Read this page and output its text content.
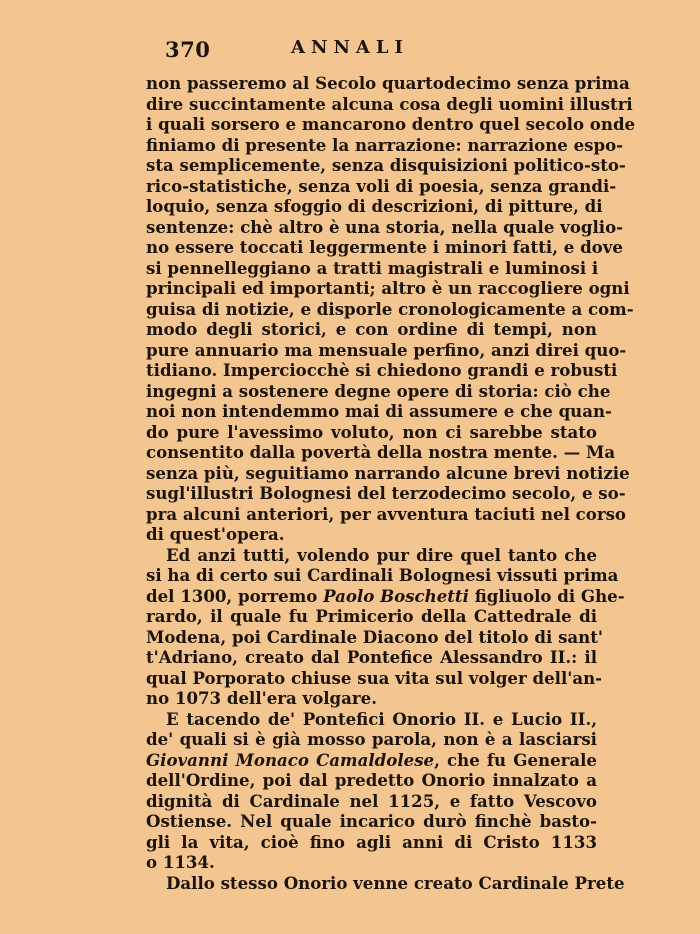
370	ANNALI
non passeremo al Secolo quartodecimo senza prima
dire succintamente alcuna cosa degli uomini illustri
i quali sorsero e mancarono dentro quel secolo onde
finiamo di presente la narrazione: narrazione espo-
sta semplicemente, senza disquisizioni politico-sto-
rico-statistiche, senza voli di poesia, senza grandi-
loquio, senza sfoggio di descrizioni, di pitture, di
sentenze: chè altro è una storia, nella quale voglio-
no essere toccati leggermente i minori fatti, e dove
si pennelleggiano a tratti magistrali e luminosi i
principali ed importanti; altro è un raccogliere ogni
guisa di notizie, e disporle cronologicamente a com-
modo degli storici, e con ordine di tempi, non
pure annuario ma mensuale perfino, anzi direi quo-
tidiano. Imperciocchè si chiedono grandi e robusti
ingegni a sostenere degne opere di storia: ciò che
noi non intendemmo mai di assumere e che quan-
do pure l'avessimo voluto, non ci sarebbe stato
consentito dalla povertà della nostra mente. — Ma
senza più, seguitiamo narrando alcune brevi notizie
sugl'illustri Bolognesi del terzodecimo secolo, e so-
pra alcuni anteriori, per avventura taciuti nel corso
di quest'opera.
Ed anzi tutti, volendo pur dire quel tanto che
si ha di certo sui Cardinali Bolognesi vissuti prima
del 1300, porremo Paolo Boschetti figliuolo di Ghe-
rardo, il quale fu Primicerio della Cattedrale di
Modena, poi Cardinale Diacono del titolo di sant'
t'Adriano, creato dal Pontefice Alessandro II.: il
qual Porporato chiuse sua vita sul volger dell'an-
no 1073 dell'era volgare.
E tacendo de' Pontefici Onorio II. e Lucio II.,
de' quali si è già mosso parola, non è a lasciarsi
Giovanni Monaco Camaldolese, che fu Generale
dell'Ordine, poi dal predetto Onorio innalzato a
dignità di Cardinale nel 1125, e fatto Vescovo
Ostiense. Nel quale incarico durò finchè basto-
gli la vita, cioè fino agli anni di Cristo 1133
o 1134.
Dallo stesso Onorio venne creato Cardinale Prete
